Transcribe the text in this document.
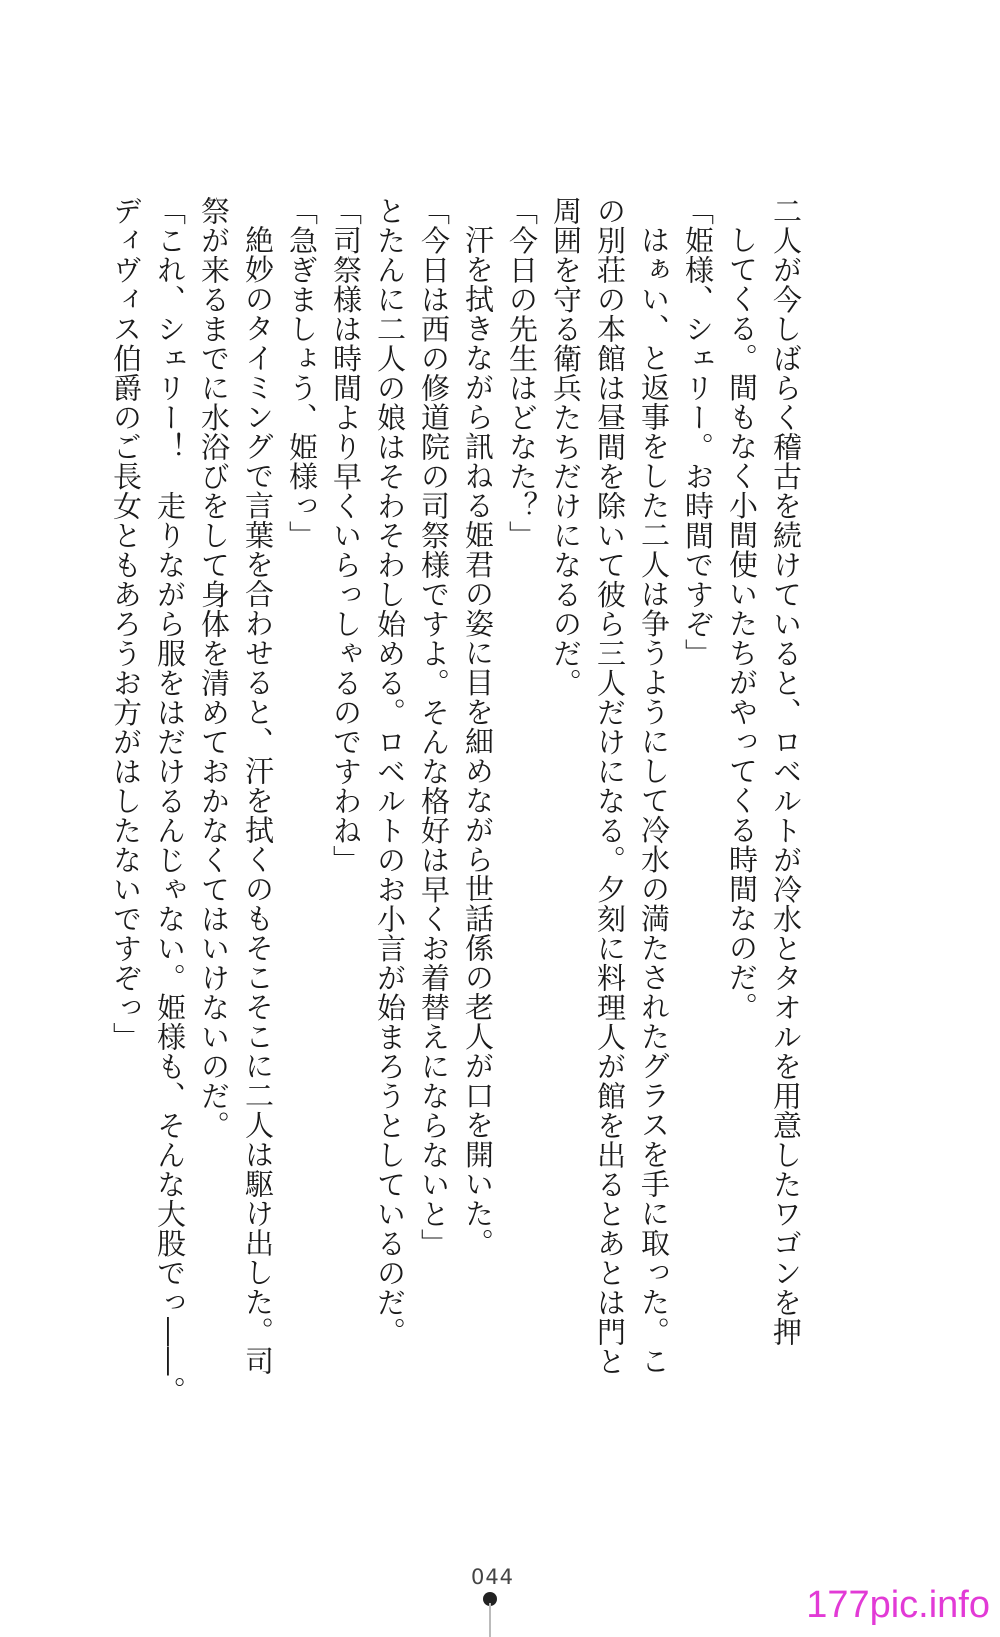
二人が今しばらく稽古を続けていると、ロベルトが冷水とタオルを用意したワゴンを押
してくる。間もなく小間使いたちがやってくる時間なのだ。
「姫様、シェリー。お時間ですぞ」
はぁい、と返事をした二人は争うようにして冷水の満たされたグラスを手に取った。こ
の別荘の本館は昼間を除いて彼ら三人だけになる。夕刻に料理人が館を出るとあとは門と
周囲を守る衛兵たちだけになるのだ。
「今日の先生はどなた？」
汗を拭きながら訊ねる姫君の姿に目を細めながら世話係の老人が口を開いた。
「今日は西の修道院の司祭様ですよ。そんな格好は早くお着替えにならないと」
とたんに二人の娘はそわそわし始める。ロベルトのお小言が始まろうとしているのだ。
「司祭様は時間より早くいらっしゃるのですわね」
「急ぎましょう、姫様っ」
絶妙のタイミングで言葉を合わせると、汗を拭くのもそこそこに二人は駆け出した。司
祭が来るまでに水浴びをして身体を清めておかなくてはいけないのだ。
「これ、シェリー！　走りながら服をはだけるんじゃない。姫様も、そんな大股でっ――。
ディヴィス伯爵のご長女ともあろうお方がはしたないですぞっ」
044
177pic.info
